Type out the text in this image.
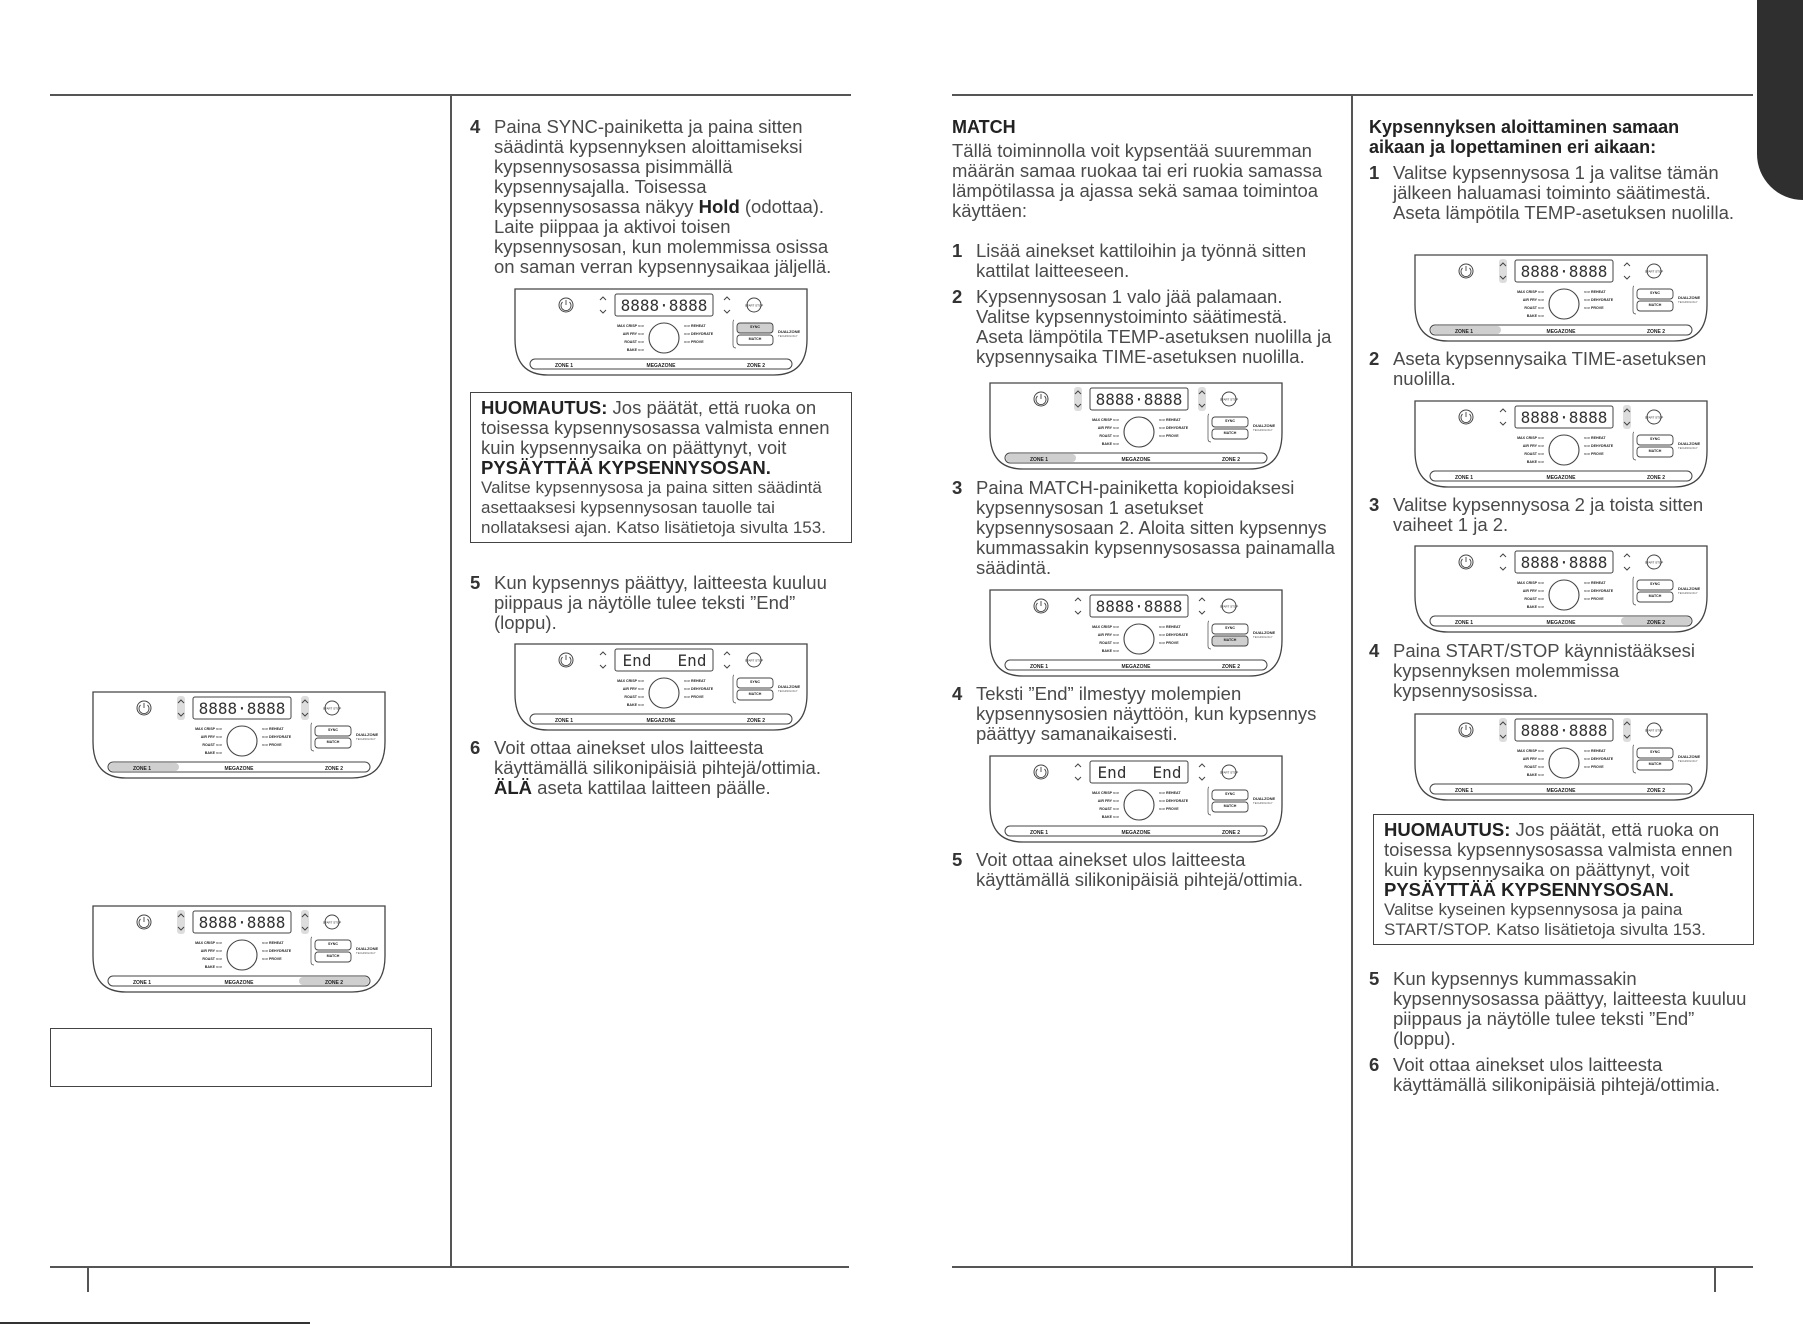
ZONE 1	MEGAZONE	ZONE 2
8888·8888	START STOP
MAX CRISP ⊂⊃
AIR FRY ⊂⊃
ROAST ⊂⊃
BAKE ⊂⊃
⊂⊃ REHEAT
⊂⊃ DEHYDRATE
⊂⊃ PROVE
SYNC
MATCH
DUALZONE
TECHNOLOGY
ZONE 1	MEGAZONE	ZONE 2
8888·8888	START STOP
MAX CRISP ⊂⊃
AIR FRY ⊂⊃
ROAST ⊂⊃
BAKE ⊂⊃
⊂⊃ REHEAT
⊂⊃ DEHYDRATE
⊂⊃ PROVE
SYNC
MATCH
DUALZONE
TECHNOLOGY
4 Paina SYNC-painiketta ja paina sitten säädintä kypsennyksen aloittamiseksi kypsennysosassa pisimmällä kypsennysajalla. Toisessa kypsennysosassa näkyy Hold (odottaa). Laite piippaa ja aktivoi toisen kypsennysosan, kun molemmissa osissa on saman verran kypsennysaikaa jäljellä.
ZONE 1	MEGAZONE	ZONE 2
8888·8888	START STOP
MAX CRISP ⊂⊃
AIR FRY ⊂⊃
ROAST ⊂⊃
BAKE ⊂⊃
⊂⊃ REHEAT
⊂⊃ DEHYDRATE
⊂⊃ PROVE
SYNC
MATCH
DUALZONE
TECHNOLOGY
HUOMAUTUS: Jos päätät, että ruoka on toisessa kypsennysosassa valmista ennen kuin kypsennysaika on päättynyt, voit PYSÄYTTÄÄ KYPSENNYSOSAN.
Valitse kypsennysosa ja paina sitten säädintä asettaaksesi kypsennysosan tauolle tai nollataksesi ajan. Katso lisätietoja sivulta 153.
5 Kun kypsennys päättyy, laitteesta kuuluu piippaus ja näytölle tulee teksti ”End” (loppu).
ZONE 1	MEGAZONE	ZONE 2
End End	START STOP
MAX CRISP ⊂⊃
AIR FRY ⊂⊃
ROAST ⊂⊃
BAKE ⊂⊃
⊂⊃ REHEAT
⊂⊃ DEHYDRATE
⊂⊃ PROVE
SYNC
MATCH
DUALZONE
TECHNOLOGY
6 Voit ottaa ainekset ulos laitteesta käyttämällä silikonipäisiä pihtejä/ottimia. ÄLÄ aseta kattilaa laitteen päälle.
MATCH
Tällä toiminnolla voit kypsentää suuremman määrän samaa ruokaa tai eri ruokia samassa lämpötilassa ja ajassa sekä samaa toimintoa käyttäen:
1 Lisää ainekset kattiloihin ja työnnä sitten kattilat laitteeseen.
2 Kypsennysosan 1 valo jää palamaan. Valitse kypsennystoiminto säätimestä. Aseta lämpötila TEMP-asetuksen nuolilla ja kypsennysaika TIME-asetuksen nuolilla.
ZONE 1	MEGAZONE	ZONE 2
8888·8888	START STOP
MAX CRISP ⊂⊃
AIR FRY ⊂⊃
ROAST ⊂⊃
BAKE ⊂⊃
⊂⊃ REHEAT
⊂⊃ DEHYDRATE
⊂⊃ PROVE
SYNC
MATCH
DUALZONE
TECHNOLOGY
3 Paina MATCH-painiketta kopioidaksesi kypsennysosan 1 asetukset kypsennysosaan 2. Aloita sitten kypsennys kummassakin kypsennysosassa painamalla säädintä.
ZONE 1	MEGAZONE	ZONE 2
8888·8888	START STOP
MAX CRISP ⊂⊃
AIR FRY ⊂⊃
ROAST ⊂⊃
BAKE ⊂⊃
⊂⊃ REHEAT
⊂⊃ DEHYDRATE
⊂⊃ PROVE
SYNC
MATCH
DUALZONE
TECHNOLOGY
4 Teksti ”End” ilmestyy molempien kypsennysosien näyttöön, kun kypsennys päättyy samanaikaisesti.
ZONE 1	MEGAZONE	ZONE 2
End End	START STOP
MAX CRISP ⊂⊃
AIR FRY ⊂⊃
ROAST ⊂⊃
BAKE ⊂⊃
⊂⊃ REHEAT
⊂⊃ DEHYDRATE
⊂⊃ PROVE
SYNC
MATCH
DUALZONE
TECHNOLOGY
5 Voit ottaa ainekset ulos laitteesta käyttämällä silikonipäisiä pihtejä/ottimia.
Kypsennyksen aloittaminen samaan aikaan ja lopettaminen eri aikaan:
1 Valitse kypsennysosa 1 ja valitse tämän jälkeen haluamasi toiminto säätimestä. Aseta lämpötila TEMP-asetuksen nuolilla.
ZONE 1	MEGAZONE	ZONE 2
8888·8888	START STOP
MAX CRISP ⊂⊃
AIR FRY ⊂⊃
ROAST ⊂⊃
BAKE ⊂⊃
⊂⊃ REHEAT
⊂⊃ DEHYDRATE
⊂⊃ PROVE
SYNC
MATCH
DUALZONE
TECHNOLOGY
2 Aseta kypsennysaika TIME-asetuksen nuolilla.
ZONE 1	MEGAZONE	ZONE 2
8888·8888	START STOP
MAX CRISP ⊂⊃
AIR FRY ⊂⊃
ROAST ⊂⊃
BAKE ⊂⊃
⊂⊃ REHEAT
⊂⊃ DEHYDRATE
⊂⊃ PROVE
SYNC
MATCH
DUALZONE
TECHNOLOGY
3 Valitse kypsennysosa 2 ja toista sitten vaiheet 1 ja 2.
ZONE 1	MEGAZONE	ZONE 2
8888·8888	START STOP
MAX CRISP ⊂⊃
AIR FRY ⊂⊃
ROAST ⊂⊃
BAKE ⊂⊃
⊂⊃ REHEAT
⊂⊃ DEHYDRATE
⊂⊃ PROVE
SYNC
MATCH
DUALZONE
TECHNOLOGY
4 Paina START/STOP käynnistääksesi kypsennyksen molemmissa kypsennysosissa.
ZONE 1	MEGAZONE	ZONE 2
8888·8888	START STOP
MAX CRISP ⊂⊃
AIR FRY ⊂⊃
ROAST ⊂⊃
BAKE ⊂⊃
⊂⊃ REHEAT
⊂⊃ DEHYDRATE
⊂⊃ PROVE
SYNC
MATCH
DUALZONE
TECHNOLOGY
HUOMAUTUS: Jos päätät, että ruoka on toisessa kypsennysosassa valmista ennen kuin kypsennysaika on päättynyt, voit PYSÄYTTÄÄ KYPSENNYSOSAN.
Valitse kyseinen kypsennysosa ja paina START/STOP. Katso lisätietoja sivulta 153.
5 Kun kypsennys kummassakin kypsennysosassa päättyy, laitteesta kuuluu piippaus ja näytölle tulee teksti ”End” (loppu).
6 Voit ottaa ainekset ulos laitteesta käyttämällä silikonipäisiä pihtejä/ottimia.
